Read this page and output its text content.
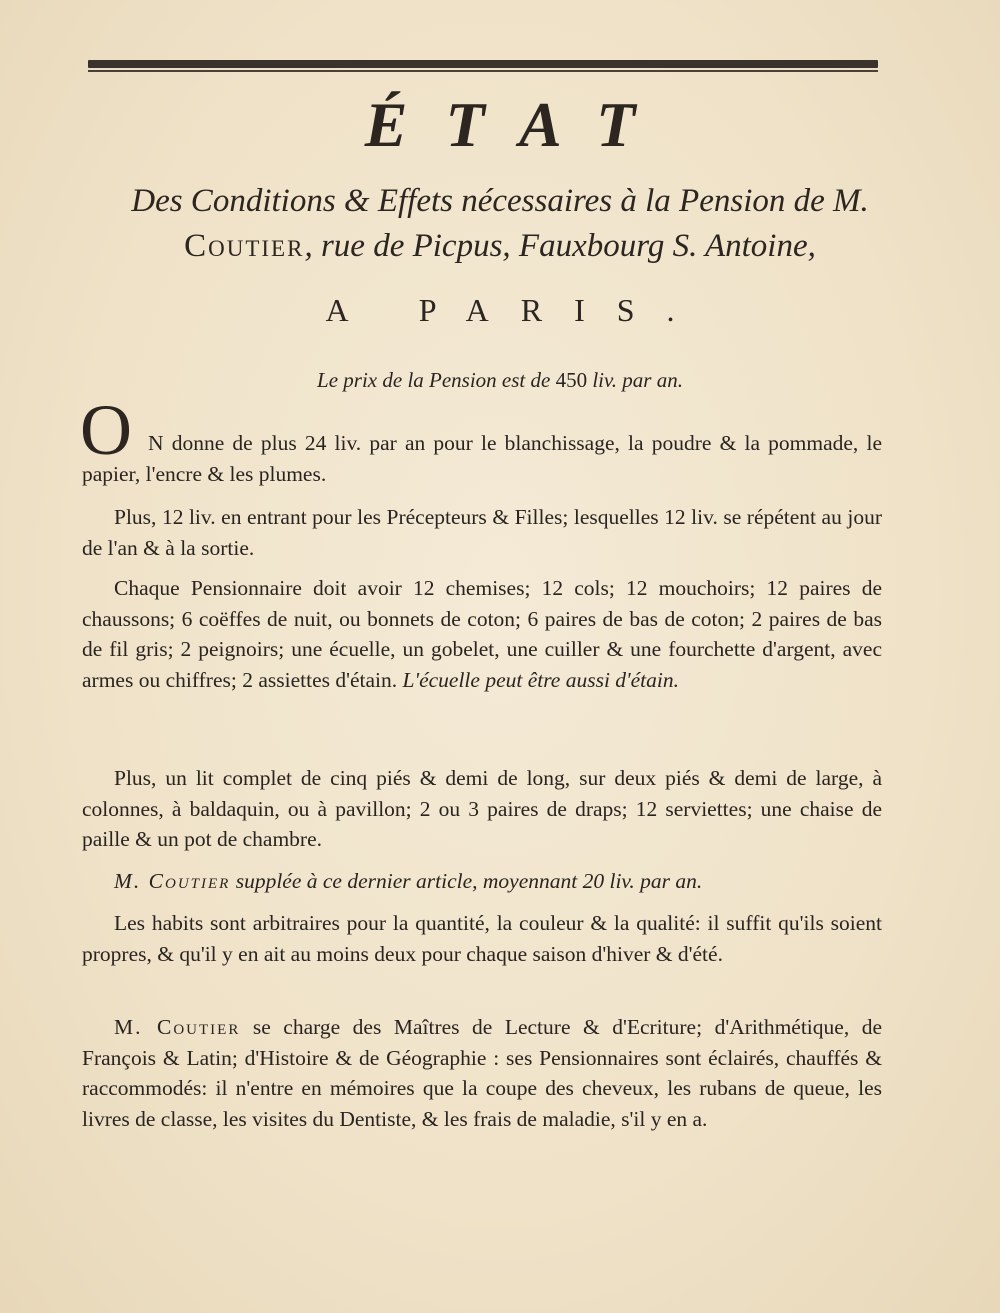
ÉTAT
Des Conditions & Effets nécessaires à la Pension de M.
Coutier, rue de Picpus, Fauxbourg S. Antoine,
A PARIS.
Le prix de la Pension est de 450 liv. par an.
O N donne de plus 24 liv. par an pour le blanchissage, la poudre & la pommade, le papier, l'encre & les plumes.
Plus, 12 liv. en entrant pour les Précepteurs & Filles; lesquelles 12 liv. se répétent au jour de l'an & à la sortie.
Chaque Pensionnaire doit avoir 12 chemises; 12 cols; 12 mouchoirs; 12 paires de chaussons; 6 coëffes de nuit, ou bonnets de coton; 6 paires de bas de coton; 2 paires de bas de fil gris; 2 peignoirs; une écuelle, un gobelet, une cuiller & une fourchette d'argent, avec armes ou chiffres; 2 assiettes d'étain. L'écuelle peut être aussi d'étain.
Plus, un lit complet de cinq piés & demi de long, sur deux piés & demi de large, à colonnes, à baldaquin, ou à pavillon; 2 ou 3 paires de draps; 12 serviettes; une chaise de paille & un pot de chambre.
M. Coutier supplée à ce dernier article, moyennant 20 liv. par an.
Les habits sont arbitraires pour la quantité, la couleur & la qualité: il suffit qu'ils soient propres, & qu'il y en ait au moins deux pour chaque saison d'hiver & d'été.
M. Coutier se charge des Maîtres de Lecture & d'Ecriture; d'Arithmétique, de François & Latin; d'Histoire & de Géographie : ses Pensionnaires sont éclairés, chauffés & raccommodés: il n'entre en mémoires que la coupe des cheveux, les rubans de queue, les livres de classe, les visites du Dentiste, & les frais de maladie, s'il y en a.
